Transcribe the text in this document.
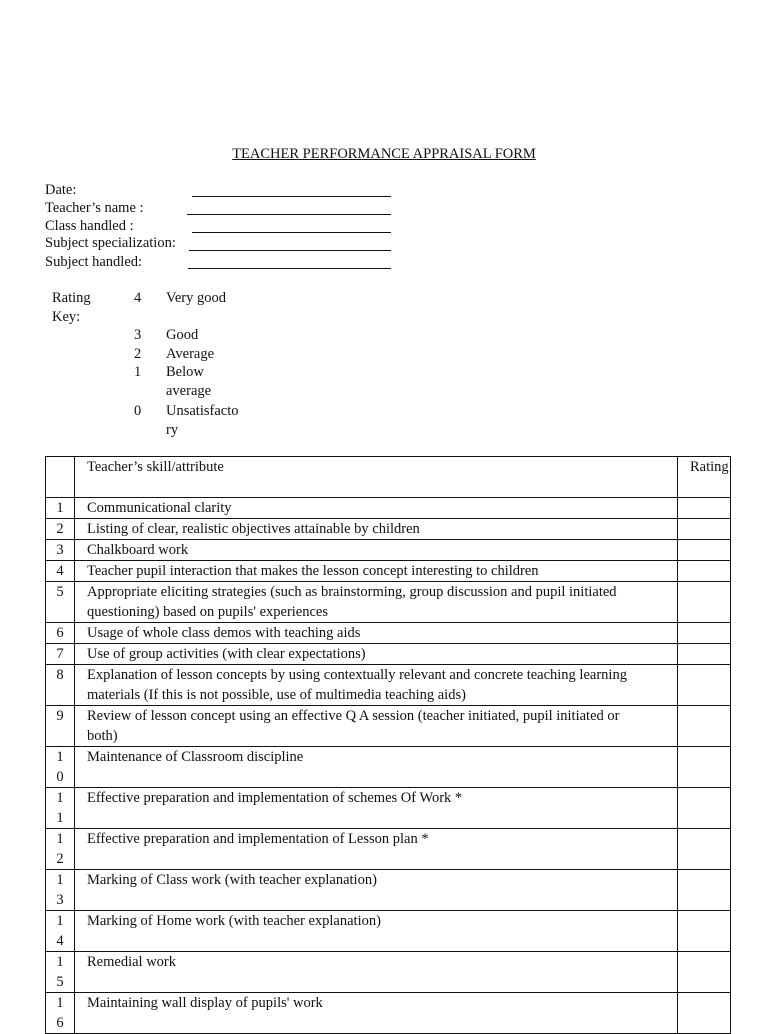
TEACHER PERFORMANCE APPRAISAL FORM
Date:
Teacher’s name :
Class handled :
Subject specialization:
Subject handled:
Rating
Key:
4 Very good
3 Good
2 Average
1 Below average
0 Unsatisfactory
	Teacher’s skill/attribute	Rating

1	Communicational clarity	

2	Listing of clear, realistic objectives attainable by children	

3	Chalkboard work	

4	Teacher pupil interaction that makes the lesson concept interesting to children	

5	Appropriate eliciting strategies (such as brainstorming, group discussion and pupil initiated questioning) based on pupils' experiences	

6	Usage of whole class demos with teaching aids	

7	Use of group activities (with clear expectations)	

8	Explanation of lesson concepts by using contextually relevant and concrete teaching learning materials (If this is not possible, use of multimedia teaching aids)	

9	Review of lesson concept using an effective Q A session (teacher initiated, pupil initiated or both)	

10	Maintenance of Classroom discipline	

11	Effective preparation and implementation of schemes Of Work *	

12	Effective preparation and implementation of Lesson plan *	

13	Marking of Class work (with teacher explanation)	

14	Marking of Home work (with teacher explanation)	

15	Remedial work	

16	Maintaining wall display of pupils' work	
